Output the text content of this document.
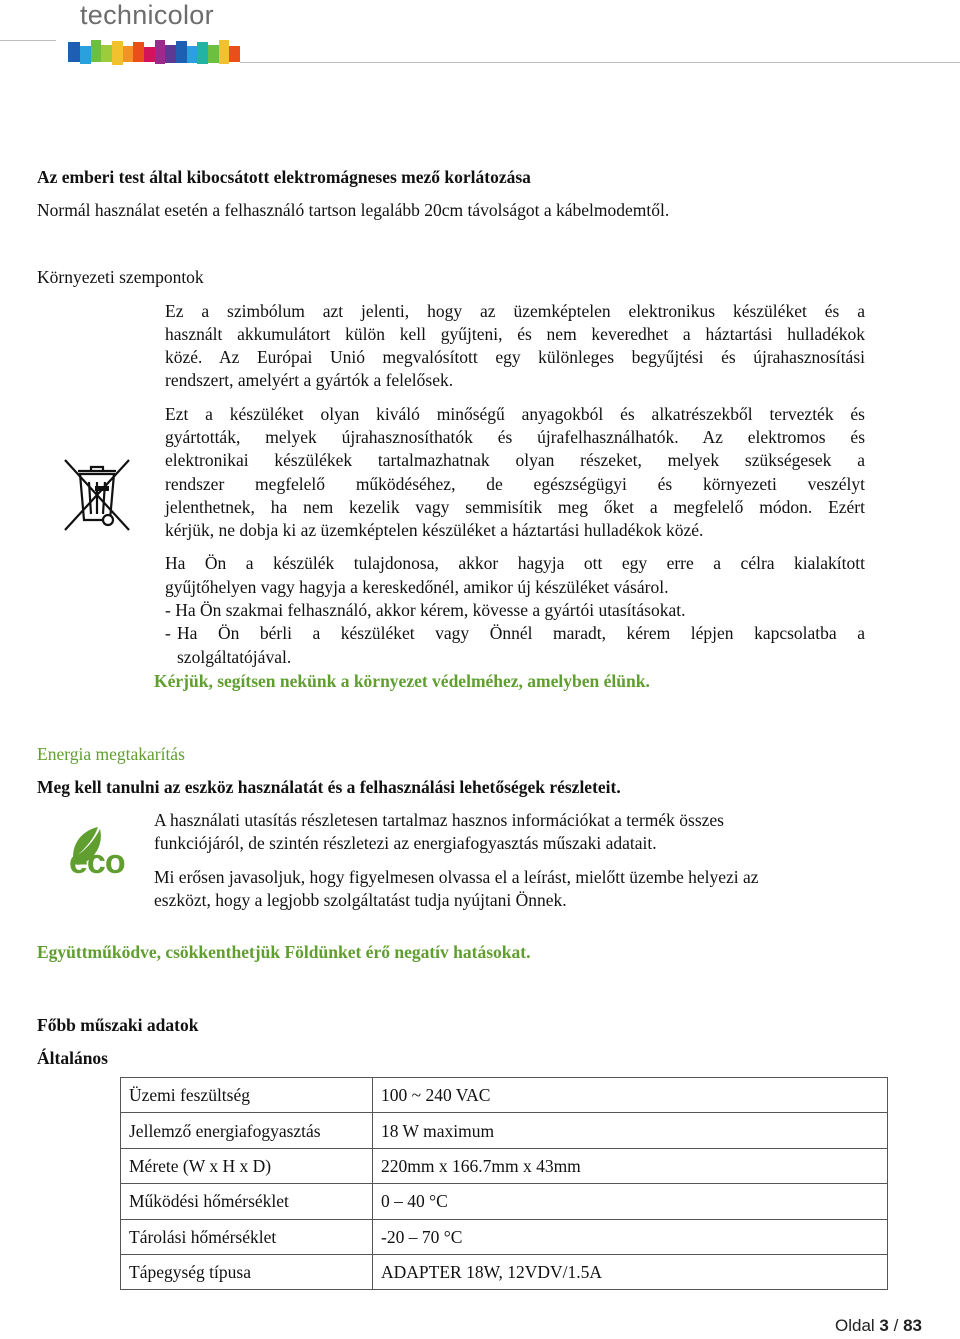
technicolor
Az emberi test által kibocsátott elektromágneses mező korlátozása
Normál használat esetén a felhasználó tartson legalább 20cm távolságot a kábelmodemtől.
Környezeti szempontok
Ez a szimbólum azt jelenti, hogy az üzemképtelen elektronikus készüléket és a
használt akkumulátort külön kell gyűjteni, és nem keveredhet a háztartási hulladékok
közé. Az Európai Unió megvalósított egy különleges begyűjtési és újrahasznosítási
rendszert, amelyért a gyártók a felelősek.
Ezt a készüléket olyan kiváló minőségű anyagokból és alkatrészekből tervezték és
gyártották, melyek újrahasznosíthatók és újrafelhasználhatók. Az elektromos és
elektronikai készülékek tartalmazhatnak olyan részeket, melyek szükségesek a
rendszer megfelelő működéséhez, de egészségügyi és környezeti veszélyt
jelenthetnek, ha nem kezelik vagy semmisítik meg őket a megfelelő módon. Ezért
kérjük, ne dobja ki az üzemképtelen készüléket a háztartási hulladékok közé.
Ha Ön a készülék tulajdonosa, akkor hagyja ott egy erre a célra kialakított
gyűjtőhelyen vagy hagyja a kereskedőnél, amikor új készüléket vásárol.
- Ha Ön szakmai felhasználó, akkor kérem, kövesse a gyártói utasításokat.
- Ha Ön bérli a készüléket vagy Önnél maradt, kérem lépjen kapcsolatba a
szolgáltatójával.
Kérjük, segítsen nekünk a környezet védelméhez, amelyben élünk.
Energia megtakarítás
Meg kell tanulni az eszköz használatát és a felhasználási lehetőségek részleteit.
A használati utasítás részletesen tartalmaz hasznos információkat a termék összes
funkciójáról, de szintén részletezi az energiafogyasztás műszaki adatait.
Mi erősen javasoljuk, hogy figyelmesen olvassa el a leírást, mielőtt üzembe helyezi az
eszközt, hogy a legjobb szolgáltatást tudja nyújtani Önnek.
eco
Együttműködve, csökkenthetjük Földünket érő negatív hatásokat.
Főbb műszaki adatok
Általános
Üzemi feszültség	100 ~ 240 VAC
Jellemző energiafogyasztás	18 W maximum
Mérete (W x H x D)	220mm x 166.7mm x 43mm
Működési hőmérséklet	0 – 40 °C
Tárolási hőmérséklet	-20 – 70 °C
Tápegység típusa	ADAPTER 18W, 12VDV/1.5A
Oldal 3 / 83
